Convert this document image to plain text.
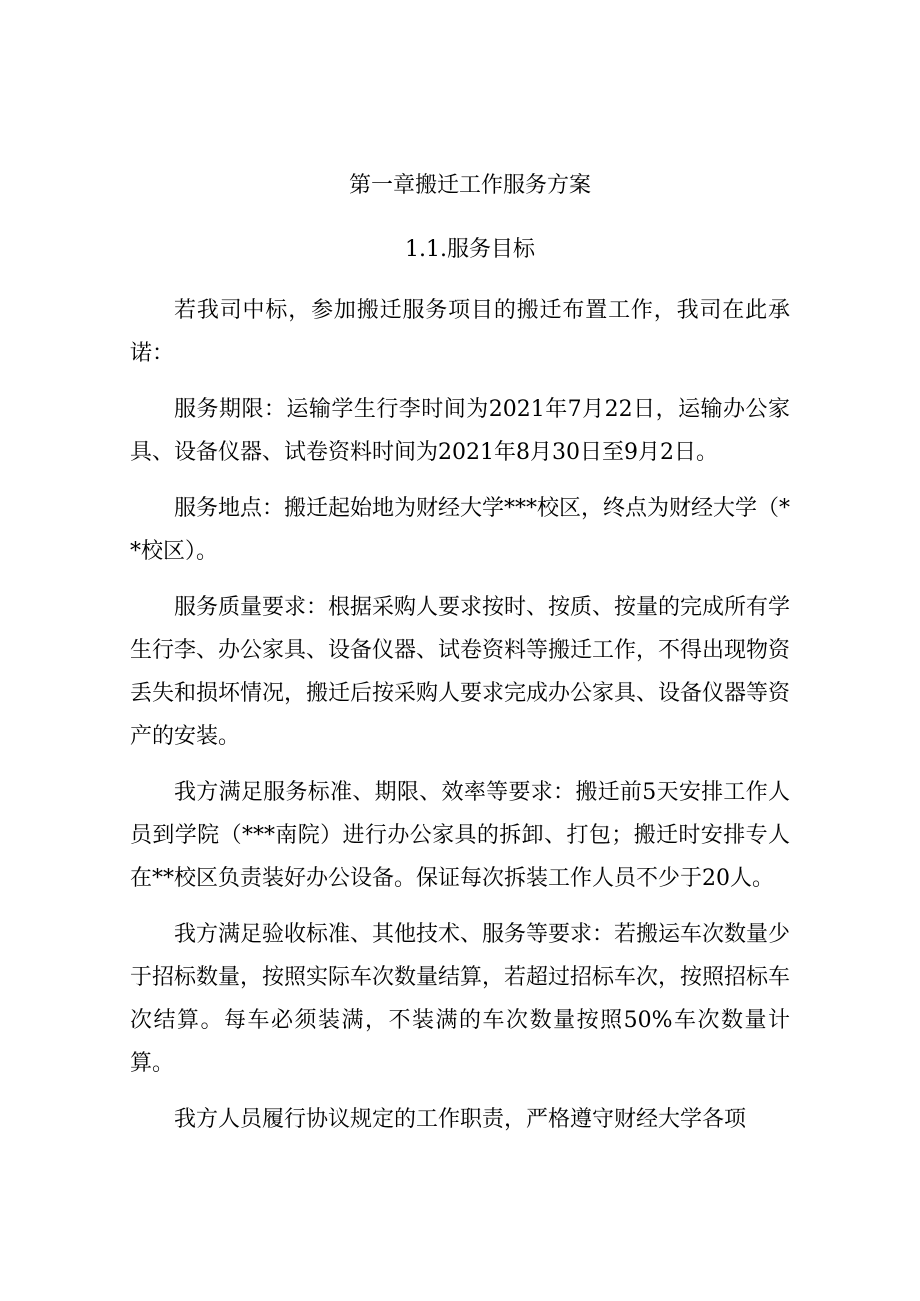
第一章搬迁工作服务方案
1.1.服务目标

若我司中标，参加搬迁服务项目的搬迁布置工作，我司在此承诺：

服务期限：运输学生行李时间为2021年7月22日，运输办公家具、设备仪器、试卷资料时间为2021年8月30日至9月2日。

服务地点：搬迁起始地为财经大学***校区，终点为财经大学（**校区）。

服务质量要求：根据采购人要求按时、按质、按量的完成所有学生行李、办公家具、设备仪器、试卷资料等搬迁工作，不得出现物资丢失和损坏情况，搬迁后按采购人要求完成办公家具、设备仪器等资产的安装。

我方满足服务标准、期限、效率等要求：搬迁前5天安排工作人员到学院（***南院）进行办公家具的拆卸、打包；搬迁时安排专人在**校区负责装好办公设备。保证每次拆装工作人员不少于20人。

我方满足验收标准、其他技术、服务等要求：若搬运车次数量少于招标数量，按照实际车次数量结算，若超过招标车次，按照招标车次结算。每车必须装满，不装满的车次数量按照50%车次数量计算。

我方人员履行协议规定的工作职责，严格遵守财经大学各项
